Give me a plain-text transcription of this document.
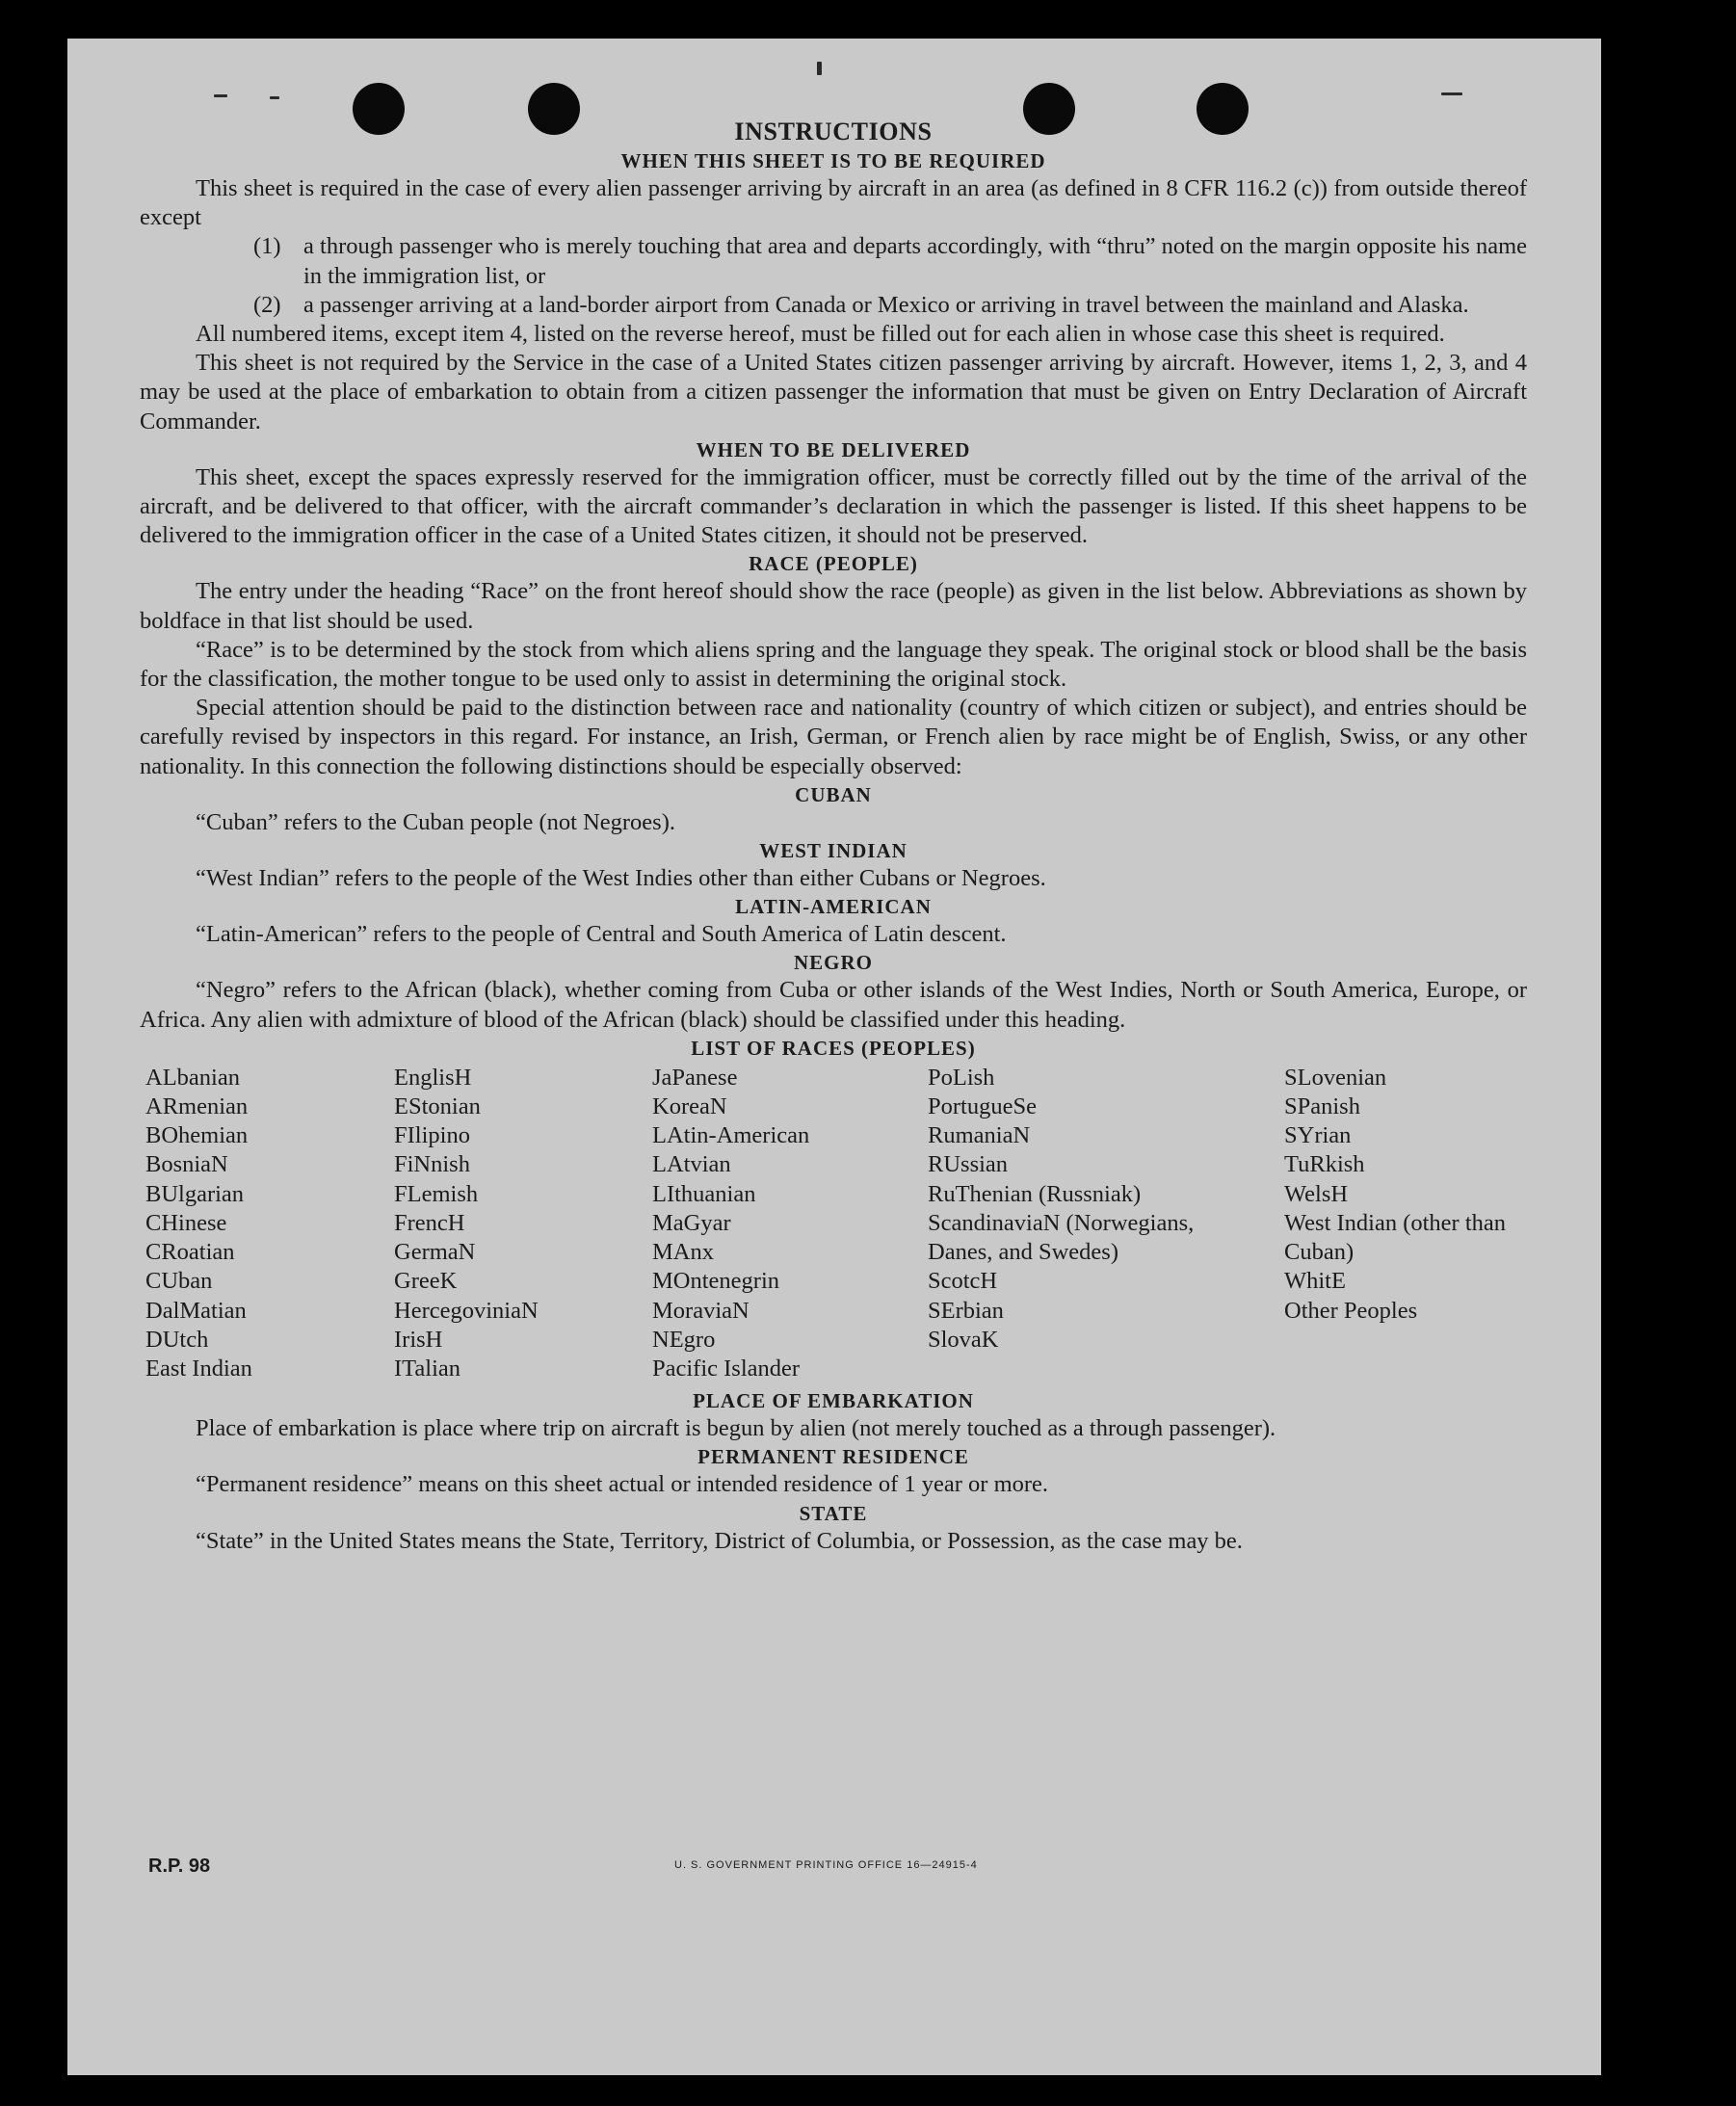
INSTRUCTIONS
WHEN THIS SHEET IS TO BE REQUIRED

This sheet is required in the case of every alien passenger arriving by aircraft in an area (as defined in 8 CFR 116.2 (c)) from outside thereof except

(1) a through passenger who is merely touching that area and departs accordingly, with “thru” noted on the margin opposite his name in the immigration list, or
(2) a passenger arriving at a land-border airport from Canada or Mexico or arriving in travel between the mainland and Alaska.

All numbered items, except item 4, listed on the reverse hereof, must be filled out for each alien in whose case this sheet is required.

This sheet is not required by the Service in the case of a United States citizen passenger arriving by aircraft. However, items 1, 2, 3, and 4 may be used at the place of embarkation to obtain from a citizen passenger the information that must be given on Entry Declaration of Aircraft Commander.

WHEN TO BE DELIVERED

This sheet, except the spaces expressly reserved for the immigration officer, must be correctly filled out by the time of the arrival of the aircraft, and be delivered to that officer, with the aircraft commander’s declaration in which the passenger is listed. If this sheet happens to be delivered to the immigration officer in the case of a United States citizen, it should not be preserved.

RACE (PEOPLE)

The entry under the heading “Race” on the front hereof should show the race (people) as given in the list below. Abbreviations as shown by boldface in that list should be used.

“Race” is to be determined by the stock from which aliens spring and the language they speak. The original stock or blood shall be the basis for the classification, the mother tongue to be used only to assist in determining the original stock.

Special attention should be paid to the distinction between race and nationality (country of which citizen or subject), and entries should be carefully revised by inspectors in this regard. For instance, an Irish, German, or French alien by race might be of English, Swiss, or any other nationality. In this connection the following distinctions should be especially observed:

CUBAN

“Cuban” refers to the Cuban people (not Negroes).

WEST INDIAN

“West Indian” refers to the people of the West Indies other than either Cubans or Negroes.

LATIN-AMERICAN

“Latin-American” refers to the people of Central and South America of Latin descent.

NEGRO

“Negro” refers to the African (black), whether coming from Cuba or other islands of the West Indies, North or South America, Europe, or Africa. Any alien with admixture of blood of the African (black) should be classified under this heading.

LIST OF RACES (PEOPLES)
ALbanian
ARmenian
BOhemian
BosniaN
BUlgarian
CHinese
CRoatian
CUban
DalMatian
DUtch
East Indian
EnglisH
EStonian
FIlipino
FiNnish
FLemish
FrencH
GermaN
GreeK
HercegoviniaN
IrisH
ITalian
JaPanese
KoreaN
LAtin-American
LAtvian
LIthuanian
MaGyar
MAnx
MOntenegrin
MoraviaN
NEgro
Pacific Islander
PoLish
PortugueSe
RumaniaN
RUssian
RuThenian (Russniak)
ScandinaviaN (Norwegians, Danes, and Swedes)
ScotcH
SErbian
SlovaK
SLovenian
SPanish
SYrian
TuRkish
WelsH
West Indian (other than Cuban)
WhitE
Other Peoples
PLACE OF EMBARKATION

Place of embarkation is place where trip on aircraft is begun by alien (not merely touched as a through passenger).

PERMANENT RESIDENCE

“Permanent residence” means on this sheet actual or intended residence of 1 year or more.

STATE

“State” in the United States means the State, Territory, District of Columbia, or Possession, as the case may be.

R.P. 98	U. S. GOVERNMENT PRINTING OFFICE 16—24915-4
